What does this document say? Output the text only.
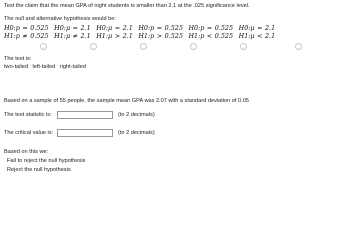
Test the claim that the mean GPA of night students is smaller than 2.1 at the .025 significance level.
The null and alternative hypothesis would be:
H0:p = 0.525 H0:μ = 2.1 H0:μ = 2.1 H0:p = 0.525 H0:p = 0.525 H0:μ = 2.1
H1:p ≠ 0.525 H1:μ ≠ 2.1 H1:μ > 2.1 H1:p > 0.525 H1:p < 0.525 H1:μ < 2.1
The test is:
two-tailed left-tailed right-tailed
Based on a sample of 55 people, the sample mean GPA was 2.07 with a standard deviation of 0.05
The test statistic is:	(to 2 decimals)
The critical value is:	(to 2 decimals)
Based on this we:
Fail to reject the null hypothesis
Reject the null hypothesis
